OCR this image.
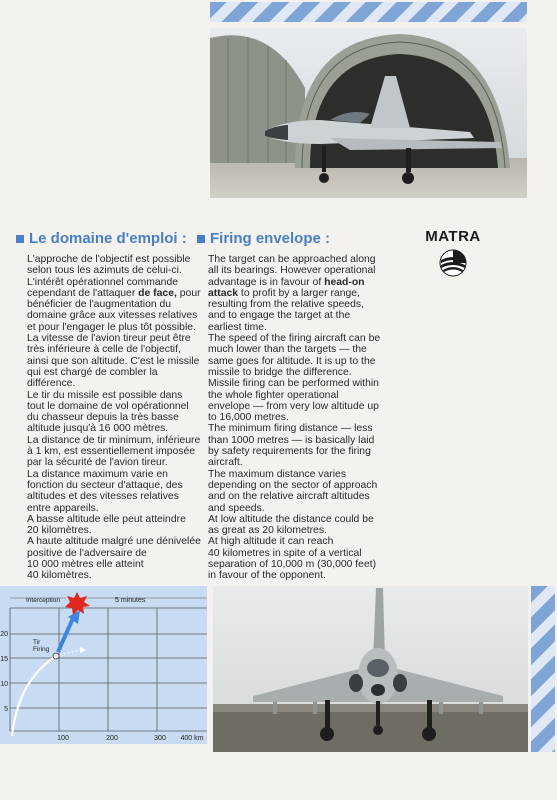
Le domaine d'emploi :

L'approche de l'objectif est possible
selon tous les azimuts de celui-ci.
L'intérêt opérationnel commande
cependant de l'attaquer de face, pour
bénéficier de l'augmentation du
domaine grâce aux vitesses relatives
et pour l'engager le plus tôt possible.

La vitesse de l'avion tireur peut être
très inférieure à celle de l'objectif,
ainsi que son altitude. C'est le missile
qui est chargé de combler la
différence.

Le tir du missile est possible dans
tout le domaine de vol opérationnel
du chasseur depuis la très basse
altitude jusqu'à 16 000 mètres.

La distance de tir minimum, inférieure
à 1 km, est essentiellement imposée
par la sécurité de l'avion tireur.

La distance maximum varie en
fonction du secteur d'attaque, des
altitudes et des vitesses relatives
entre appareils.

A basse altitude elle peut atteindre
20 kilomètres.

A haute altitude malgré une dénivelée
positive de l'adversaire de
10 000 mètres elle atteint
40 kilomètres.

Firing envelope :

The target can be approached along
all its bearings. However operational
advantage is in favour of head-on
attack to profit by a larger range,
resulting from the relative speeds,
and to engage the target at the
earliest time.

The speed of the firing aircraft can be
much lower than the targets — the
same goes for altitude. It is up to the
missile to bridge the difference.

Missile firing can be performed within
the whole fighter operational
envelope — from very low altitude up
to 16,000 metres.

The minimum firing distance — less
than 1000 metres — is basically laid
by safety requirements for the firing
aircraft.

The maximum distance varies
depending on the sector of approach
and on the relative aircraft altitudes
and speeds.

At low altitude the distance could be
as great as 20 kilometres.

At high altitude it can reach
40 kilometres in spite of a vertical
separation of 10,000 m (30,000 feet)
in favour of the opponent.

MATRA
Interception	5 minutes
Tir
Firing
20
15
10
5
100	200	300 400 km
